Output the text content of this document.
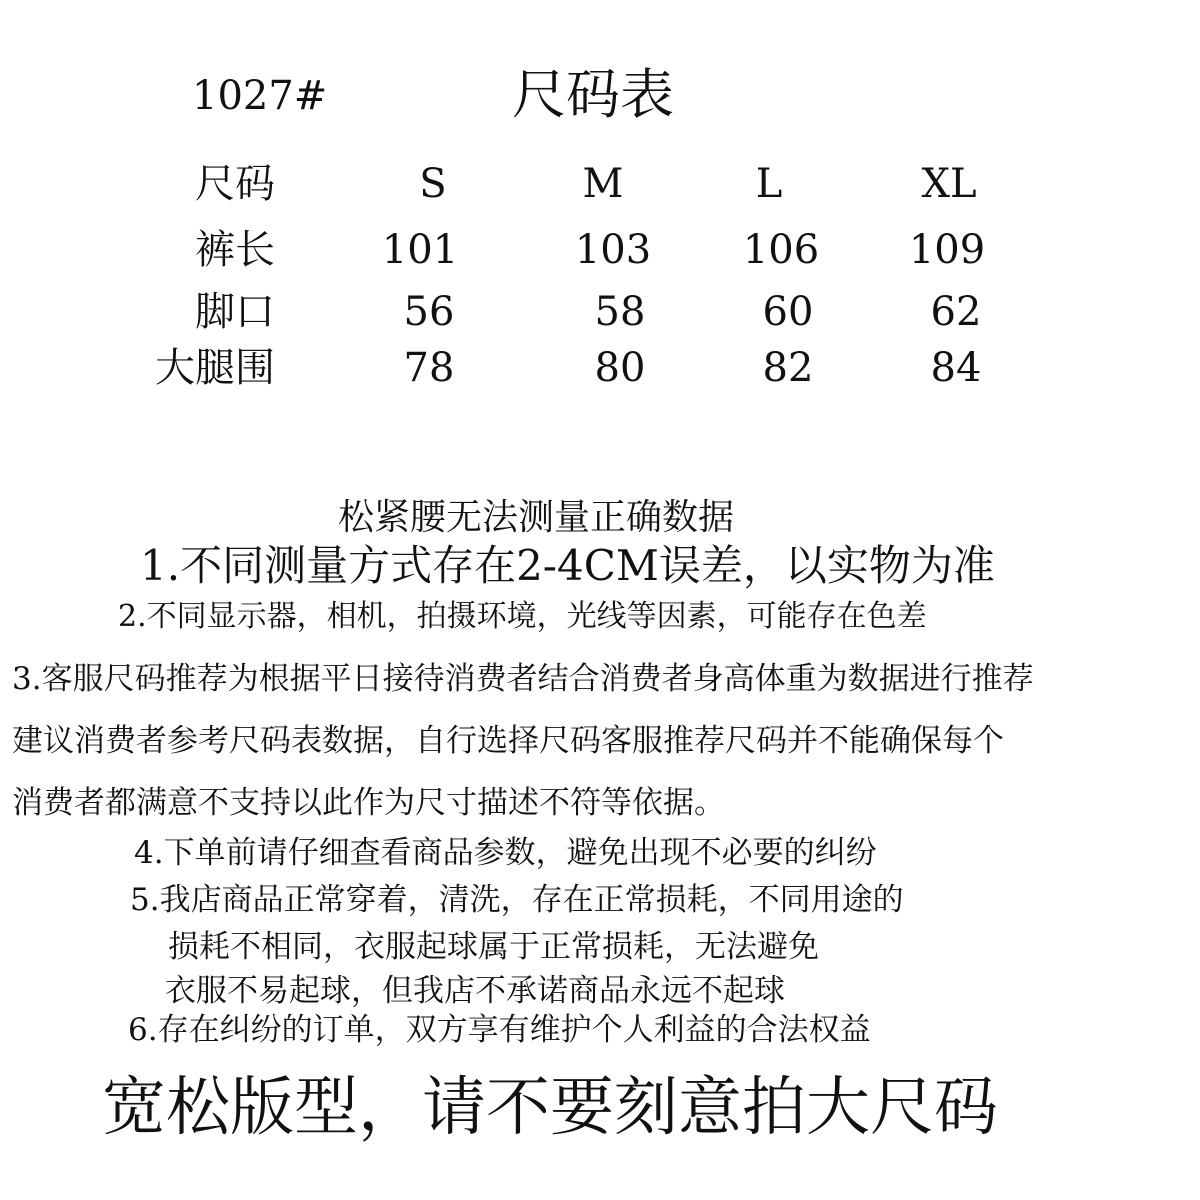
1027#	尺码表
尺码	S	M	L	XL
裤长	101	103	106	109
脚口	56	58	60	62
大腿围	78	80	82	84
松紧腰无法测量正确数据
1.不同测量方式存在2-4CM误差，以实物为准
2.不同显示器，相机，拍摄环境，光线等因素，可能存在色差
3.客服尺码推荐为根据平日接待消费者结合消费者身高体重为数据进行推荐
建议消费者参考尺码表数据，自行选择尺码客服推荐尺码并不能确保每个
消费者都满意不支持以此作为尺寸描述不符等依据。
4.下单前请仔细查看商品参数，避免出现不必要的纠纷
5.我店商品正常穿着，清洗，存在正常损耗，不同用途的
损耗不相同，衣服起球属于正常损耗，无法避免
衣服不易起球，但我店不承诺商品永远不起球
6.存在纠纷的订单，双方享有维护个人利益的合法权益
宽松版型，请不要刻意拍大尺码
